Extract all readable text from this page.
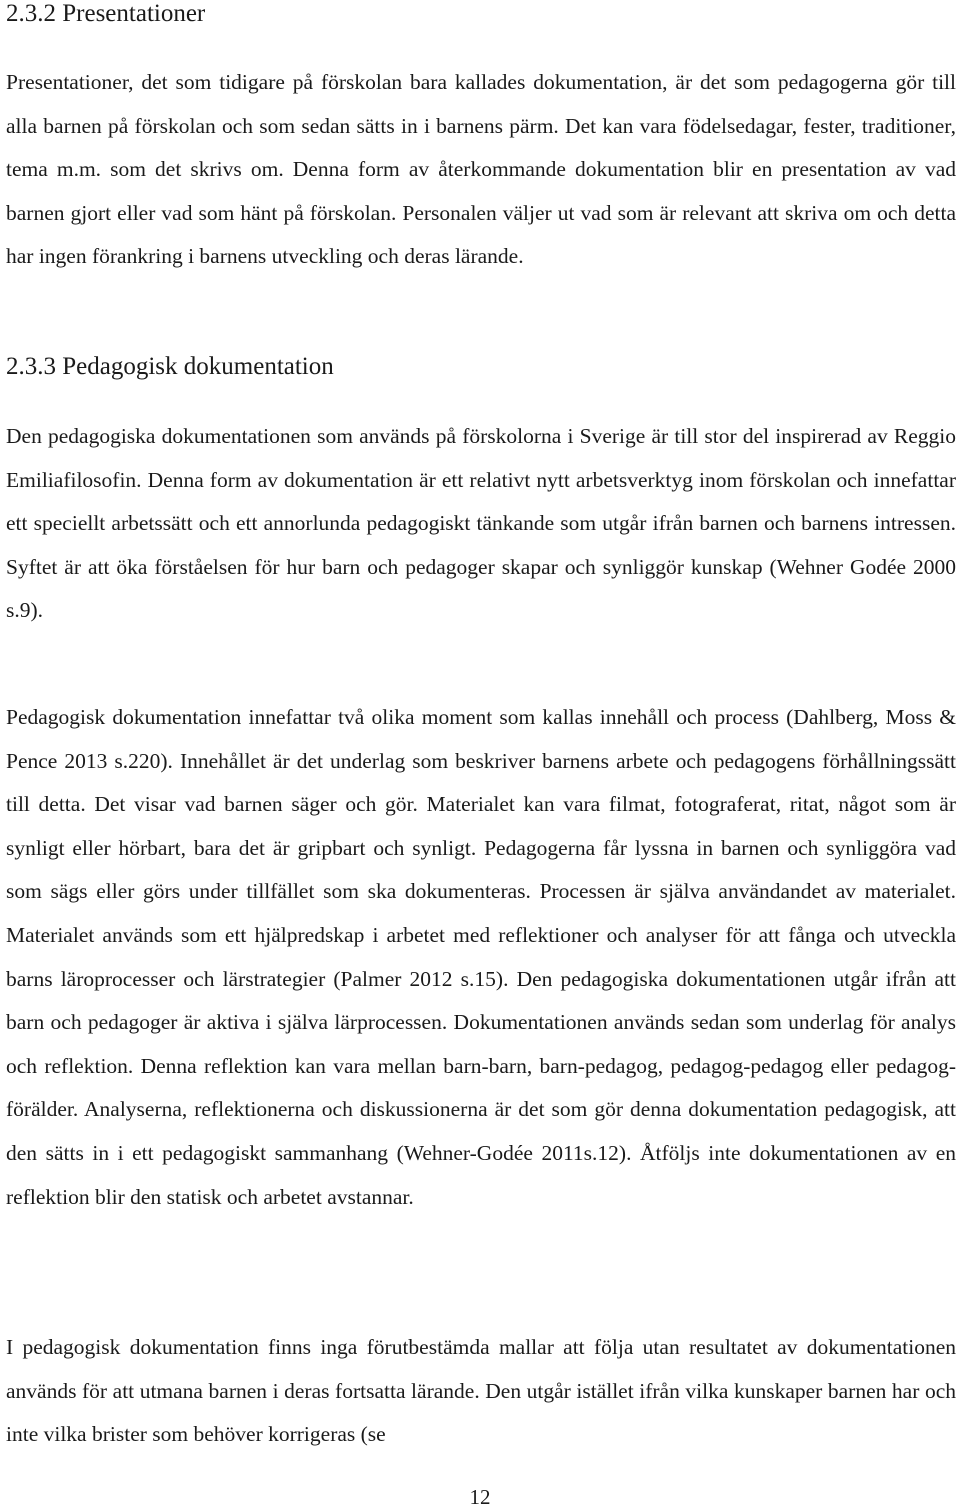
2.3.2 Presentationer

Presentationer, det som tidigare på förskolan bara kallades dokumentation, är det som pedagogerna gör till alla barnen på förskolan och som sedan sätts in i barnens pärm. Det kan vara födelsedagar, fester, traditioner, tema m.m. som det skrivs om. Denna form av återkommande dokumentation blir en presentation av vad barnen gjort eller vad som hänt på förskolan. Personalen väljer ut vad som är relevant att skriva om och detta har ingen förankring i barnens utveckling och deras lärande.

2.3.3 Pedagogisk dokumentation

Den pedagogiska dokumentationen som används på förskolorna i Sverige är till stor del inspirerad av Reggio Emiliafilosofin. Denna form av dokumentation är ett relativt nytt arbetsverktyg inom förskolan och innefattar ett speciellt arbetssätt och ett annorlunda pedagogiskt tänkande som utgår ifrån barnen och barnens intressen. Syftet är att öka förståelsen för hur barn och pedagoger skapar och synliggör kunskap (Wehner Godée 2000 s.9).

Pedagogisk dokumentation innefattar två olika moment som kallas innehåll och process (Dahlberg, Moss & Pence 2013 s.220). Innehållet är det underlag som beskriver barnens arbete och pedagogens förhållningssätt till detta. Det visar vad barnen säger och gör. Materialet kan vara filmat, fotograferat, ritat, något som är synligt eller hörbart, bara det är gripbart och synligt. Pedagogerna får lyssna in barnen och synliggöra vad som sägs eller görs under tillfället som ska dokumenteras. Processen är själva användandet av materialet. Materialet används som ett hjälpredskap i arbetet med reflektioner och analyser för att fånga och utveckla barns läroprocesser och lärstrategier (Palmer 2012 s.15). Den pedagogiska dokumentationen utgår ifrån att barn och pedagoger är aktiva i själva lärprocessen. Dokumentationen används sedan som underlag för analys och reflektion. Denna reflektion kan vara mellan barn-barn, barn-pedagog, pedagog-pedagog eller pedagog-förälder. Analyserna, reflektionerna och diskussionerna är det som gör denna dokumentation pedagogisk, att den sätts in i ett pedagogiskt sammanhang (Wehner-Godée 2011s.12). Åtföljs inte dokumentationen av en reflektion blir den statisk och arbetet avstannar.

I pedagogisk dokumentation finns inga förutbestämda mallar att följa utan resultatet av dokumentationen används för att utmana barnen i deras fortsatta lärande. Den utgår istället ifrån vilka kunskaper barnen har och inte vilka brister som behöver korrigeras (se

12
